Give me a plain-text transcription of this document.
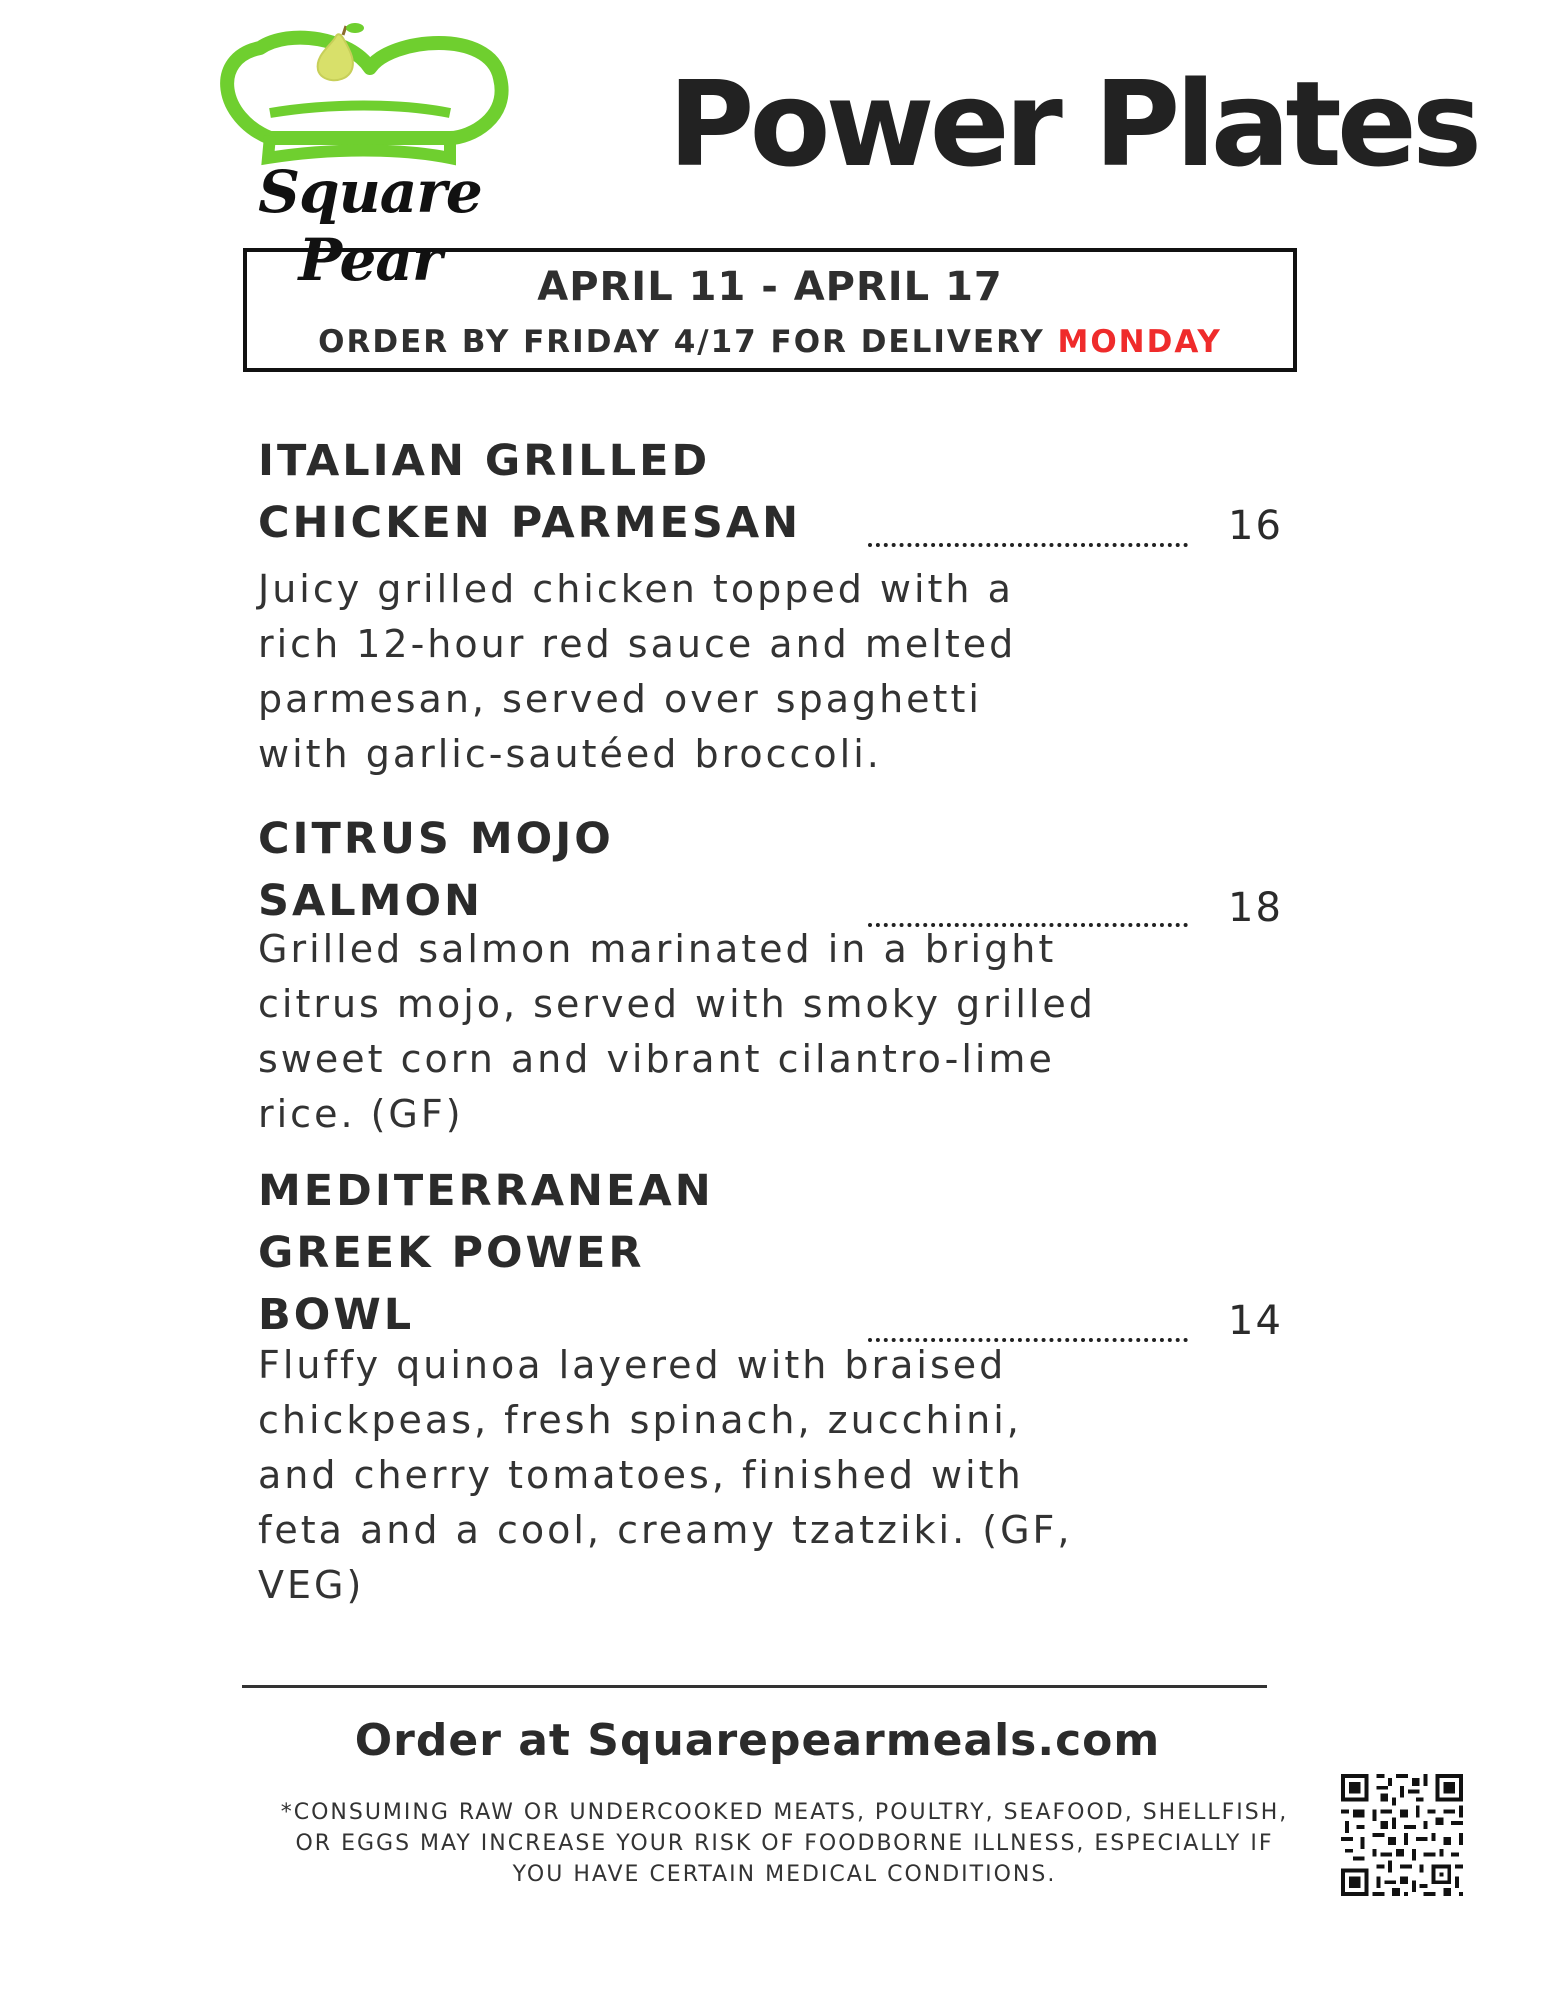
Square Pear
Power Plates
APRIL 11 - APRIL 17
ORDER BY FRIDAY 4/17 FOR DELIVERY MONDAY
ITALIAN GRILLED
CHICKEN PARMESAN	16
Juicy grilled chicken topped with a
rich 12-hour red sauce and melted
parmesan, served over spaghetti
with garlic-sautéed broccoli.
CITRUS MOJO
SALMON	18
Grilled salmon marinated in a bright
citrus mojo, served with smoky grilled
sweet corn and vibrant cilantro-lime
rice. (GF)
MEDITERRANEAN
GREEK POWER
BOWL	14
Fluffy quinoa layered with braised
chickpeas, fresh spinach, zucchini,
and cherry tomatoes, finished with
feta and a cool, creamy tzatziki. (GF,
VEG)
Order at Squarepearmeals.com
*CONSUMING RAW OR UNDERCOOKED MEATS, POULTRY, SEAFOOD, SHELLFISH,
OR EGGS MAY INCREASE YOUR RISK OF FOODBORNE ILLNESS, ESPECIALLY IF
YOU HAVE CERTAIN MEDICAL CONDITIONS.
